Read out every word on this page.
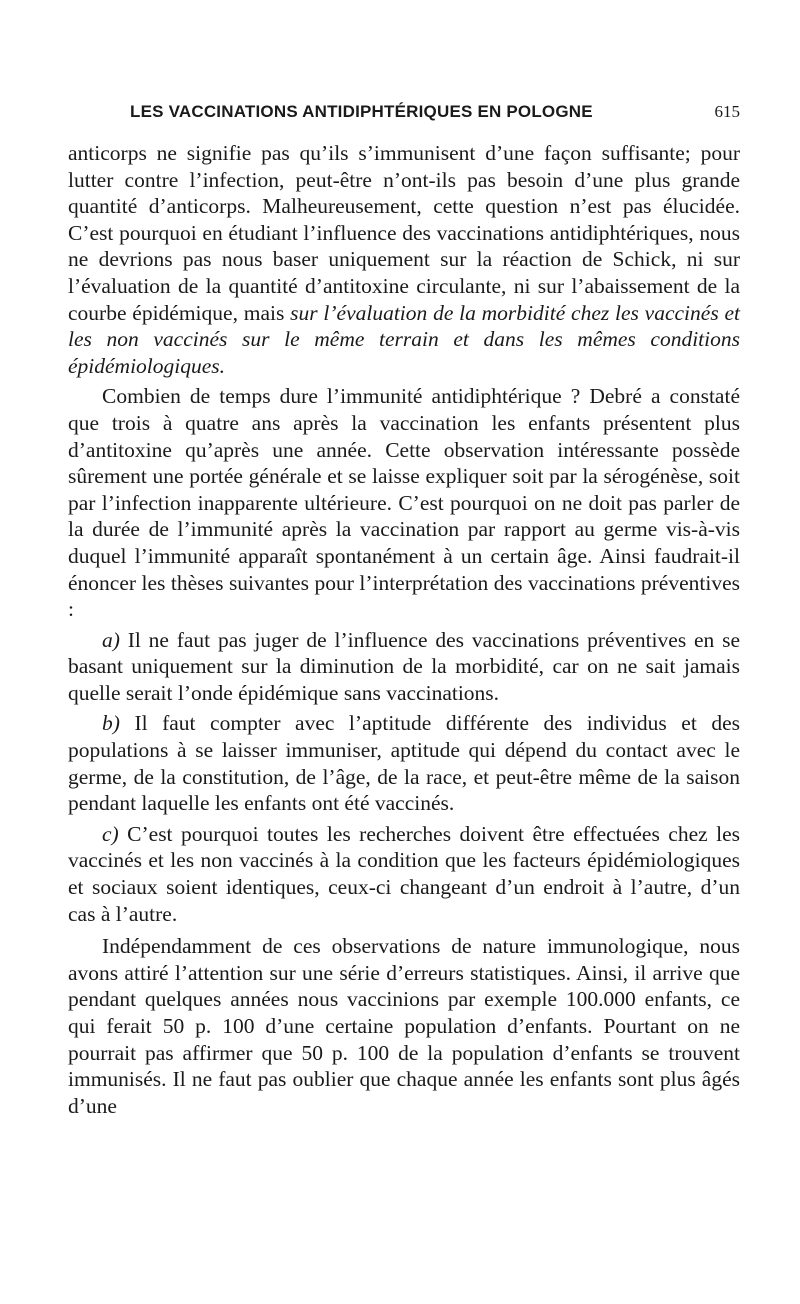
LES VACCINATIONS ANTIDIPHTÉRIQUES EN POLOGNE	615

anticorps ne signifie pas qu’ils s’immunisent d’une façon suffisante; pour lutter contre l’infection, peut-être n’ont-ils pas besoin d’une plus grande quantité d’anticorps. Malheureusement, cette question n’est pas élucidée. C’est pourquoi en étudiant l’influence des vaccinations antidiphtériques, nous ne devrions pas nous baser uniquement sur la réaction de Schick, ni sur l’évaluation de la quantité d’antitoxine circulante, ni sur l’abaissement de la courbe épidémique, mais sur l’évaluation de la morbidité chez les vaccinés et les non vaccinés sur le même terrain et dans les mêmes conditions épidémiologiques.

Combien de temps dure l’immunité antidiphtérique ? Debré a constaté que trois à quatre ans après la vaccination les enfants présentent plus d’antitoxine qu’après une année. Cette observation intéressante possède sûrement une portée générale et se laisse expliquer soit par la sérogénèse, soit par l’infection inapparente ultérieure. C’est pourquoi on ne doit pas parler de la durée de l’immunité après la vaccination par rapport au germe vis-à-vis duquel l’immunité apparaît spontanément à un certain âge. Ainsi faudrait-il énoncer les thèses suivantes pour l’interprétation des vaccinations préventives :

a) Il ne faut pas juger de l’influence des vaccinations préventives en se basant uniquement sur la diminution de la morbidité, car on ne sait jamais quelle serait l’onde épidémique sans vaccinations.

b) Il faut compter avec l’aptitude différente des individus et des populations à se laisser immuniser, aptitude qui dépend du contact avec le germe, de la constitution, de l’âge, de la race, et peut-être même de la saison pendant laquelle les enfants ont été vaccinés.

c) C’est pourquoi toutes les recherches doivent être effectuées chez les vaccinés et les non vaccinés à la condition que les facteurs épidémiologiques et sociaux soient identiques, ceux-ci changeant d’un endroit à l’autre, d’un cas à l’autre.

Indépendamment de ces observations de nature immunologique, nous avons attiré l’attention sur une série d’erreurs statistiques. Ainsi, il arrive que pendant quelques années nous vaccinions par exemple 100.000 enfants, ce qui ferait 50 p. 100 d’une certaine population d’enfants. Pourtant on ne pourrait pas affirmer que 50 p. 100 de la population d’enfants se trouvent immunisés. Il ne faut pas oublier que chaque année les enfants sont plus âgés d’une
